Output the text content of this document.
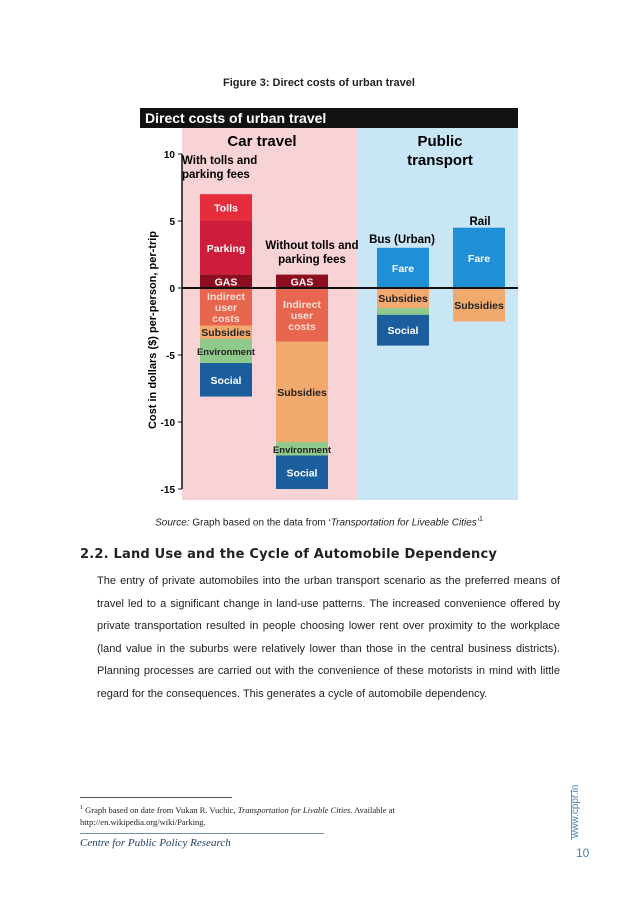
Figure 3: Direct costs of urban travel
Direct costs of urban travel
Car travel	Public
transport
10
5
0
-5
-10
-15
Cost in dollars ($) per-person, per-trip	GAS
Parking
Tolls
Indirect
user
costs
Subsidies
Environment
Social
GAS
Indirect
user
costs
Subsidies
Environment
Social
Fare
Subsidies
Social
Fare
Subsidies
With tolls and
parking fees
Without tolls and
parking fees
Bus (Urban)
Rail
Source: Graph based on the data from ‘Transportation for Liveable Cities’$^1$
2.2. Land Use and the Cycle of Automobile Dependency
The entry of private automobiles into the urban transport scenario as the preferred means of travel led to a significant change in land-use patterns. The increased convenience offered by private transportation resulted in people choosing lower rent over proximity to the workplace (land value in the suburbs were relatively lower than those in the central business districts). Planning processes are carried out with the convenience of these motorists in mind with little regard for the consequences. This generates a cycle of automobile dependency.
$^1$ Graph based on date from Vukan R. Vuchic, Transportation for Livable Cities. Available at
http://en.wikipedia.org/wiki/Parking.
Centre for Public Policy Research
www.cppr.in
10
